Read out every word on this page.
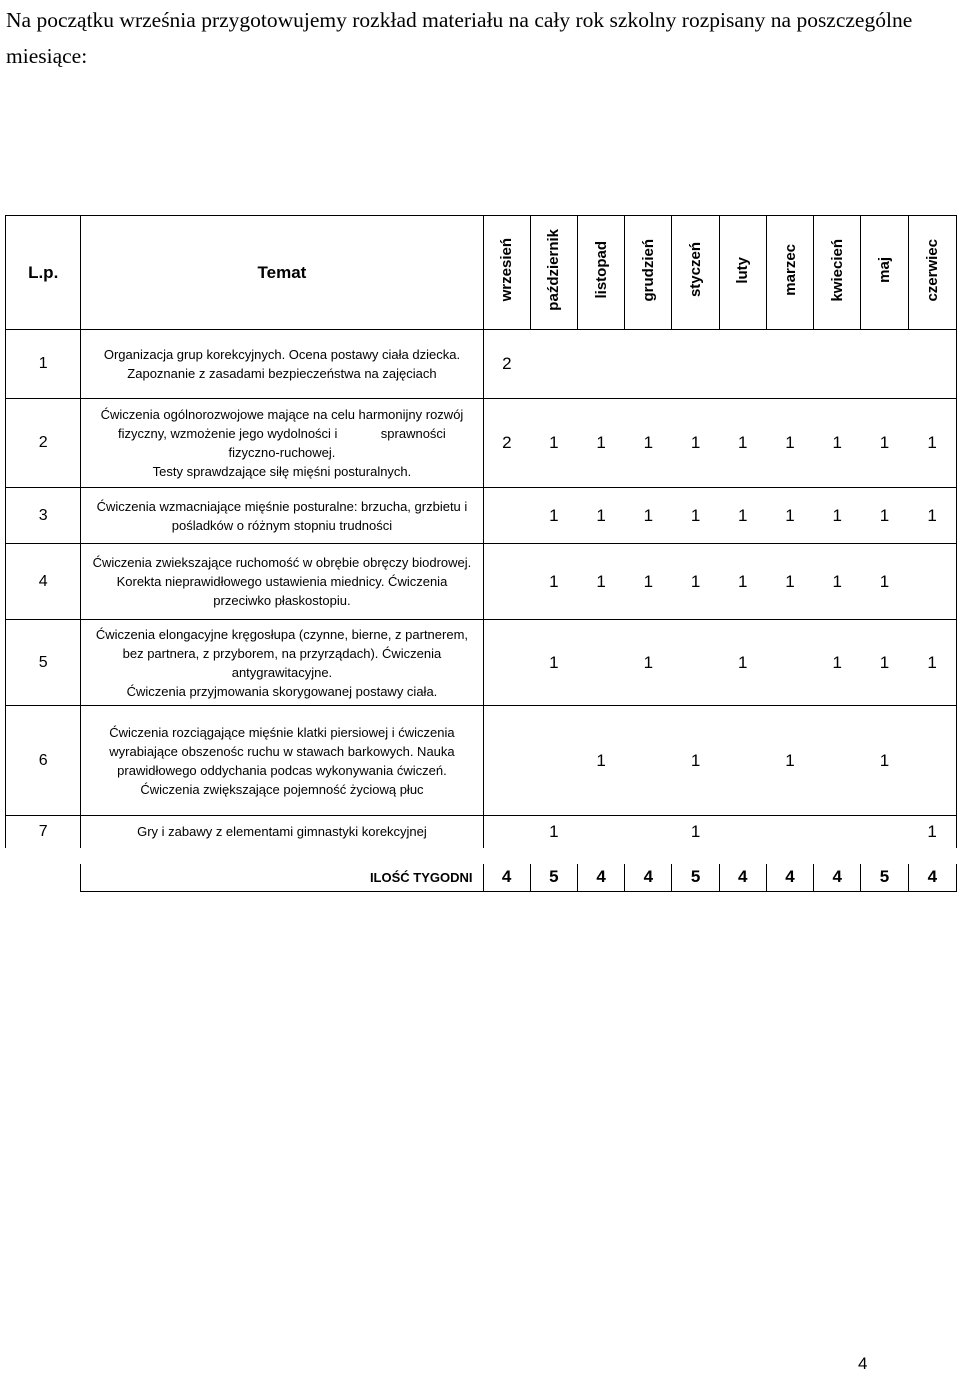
Na początku września przygotowujemy rozkład materiału na cały rok szkolny rozpisany na poszczególne miesiące:
L.p.	Temat	wrzesień	październik	listopad	grudzień	styczeń	luty	marzec	kwiecień	maj	czerwiec
1	Organizacja grup korekcyjnych. Ocena postawy ciała dziecka.
Zapoznanie z zasadami bezpieczeństwa na zajęciach	2									
2	Ćwiczenia ogólnorozwojowe mające na celu harmonijny rozwój
fizyczny, wzmożenie jego wydolności i            sprawności
fizyczno-ruchowej.
Testy sprawdzające siłę mięśni posturalnych.	2	1	1	1	1	1	1	1	1	1
3	Ćwiczenia wzmacniające mięśnie posturalne: brzucha, grzbietu i
pośladków o różnym stopniu trudności		1	1	1	1	1	1	1	1	1
4	Ćwiczenia zwiekszające ruchomość w obrębie obręczy biodrowej.
Korekta nieprawidłowego ustawienia miednicy. Ćwiczenia
przeciwko płaskostopiu.		1	1	1	1	1	1	1	1	
5	Ćwiczenia elongacyjne kręgosłupa (czynne, bierne, z partnerem,
bez partnera, z przyborem, na przyrządach). Ćwiczenia
antygrawitacyjne.
Ćwiczenia przyjmowania skorygowanej postawy ciała.		1		1		1		1	1	1
6	Ćwiczenia rozciągające mięśnie klatki piersiowej i ćwiczenia
wyrabiające obszenośc ruchu w stawach barkowych. Nauka
prawidłowego oddychania podcas wykonywania ćwiczeń.
Ćwiczenia zwiększające pojemność życiową płuc			1		1		1		1	
7	Gry i zabawy z elementami gimnastyki korekcyjnej		1			1					1
	ILOŚĆ TYGODNI	4	5	4	4	5	4	4	4	5	4
4
